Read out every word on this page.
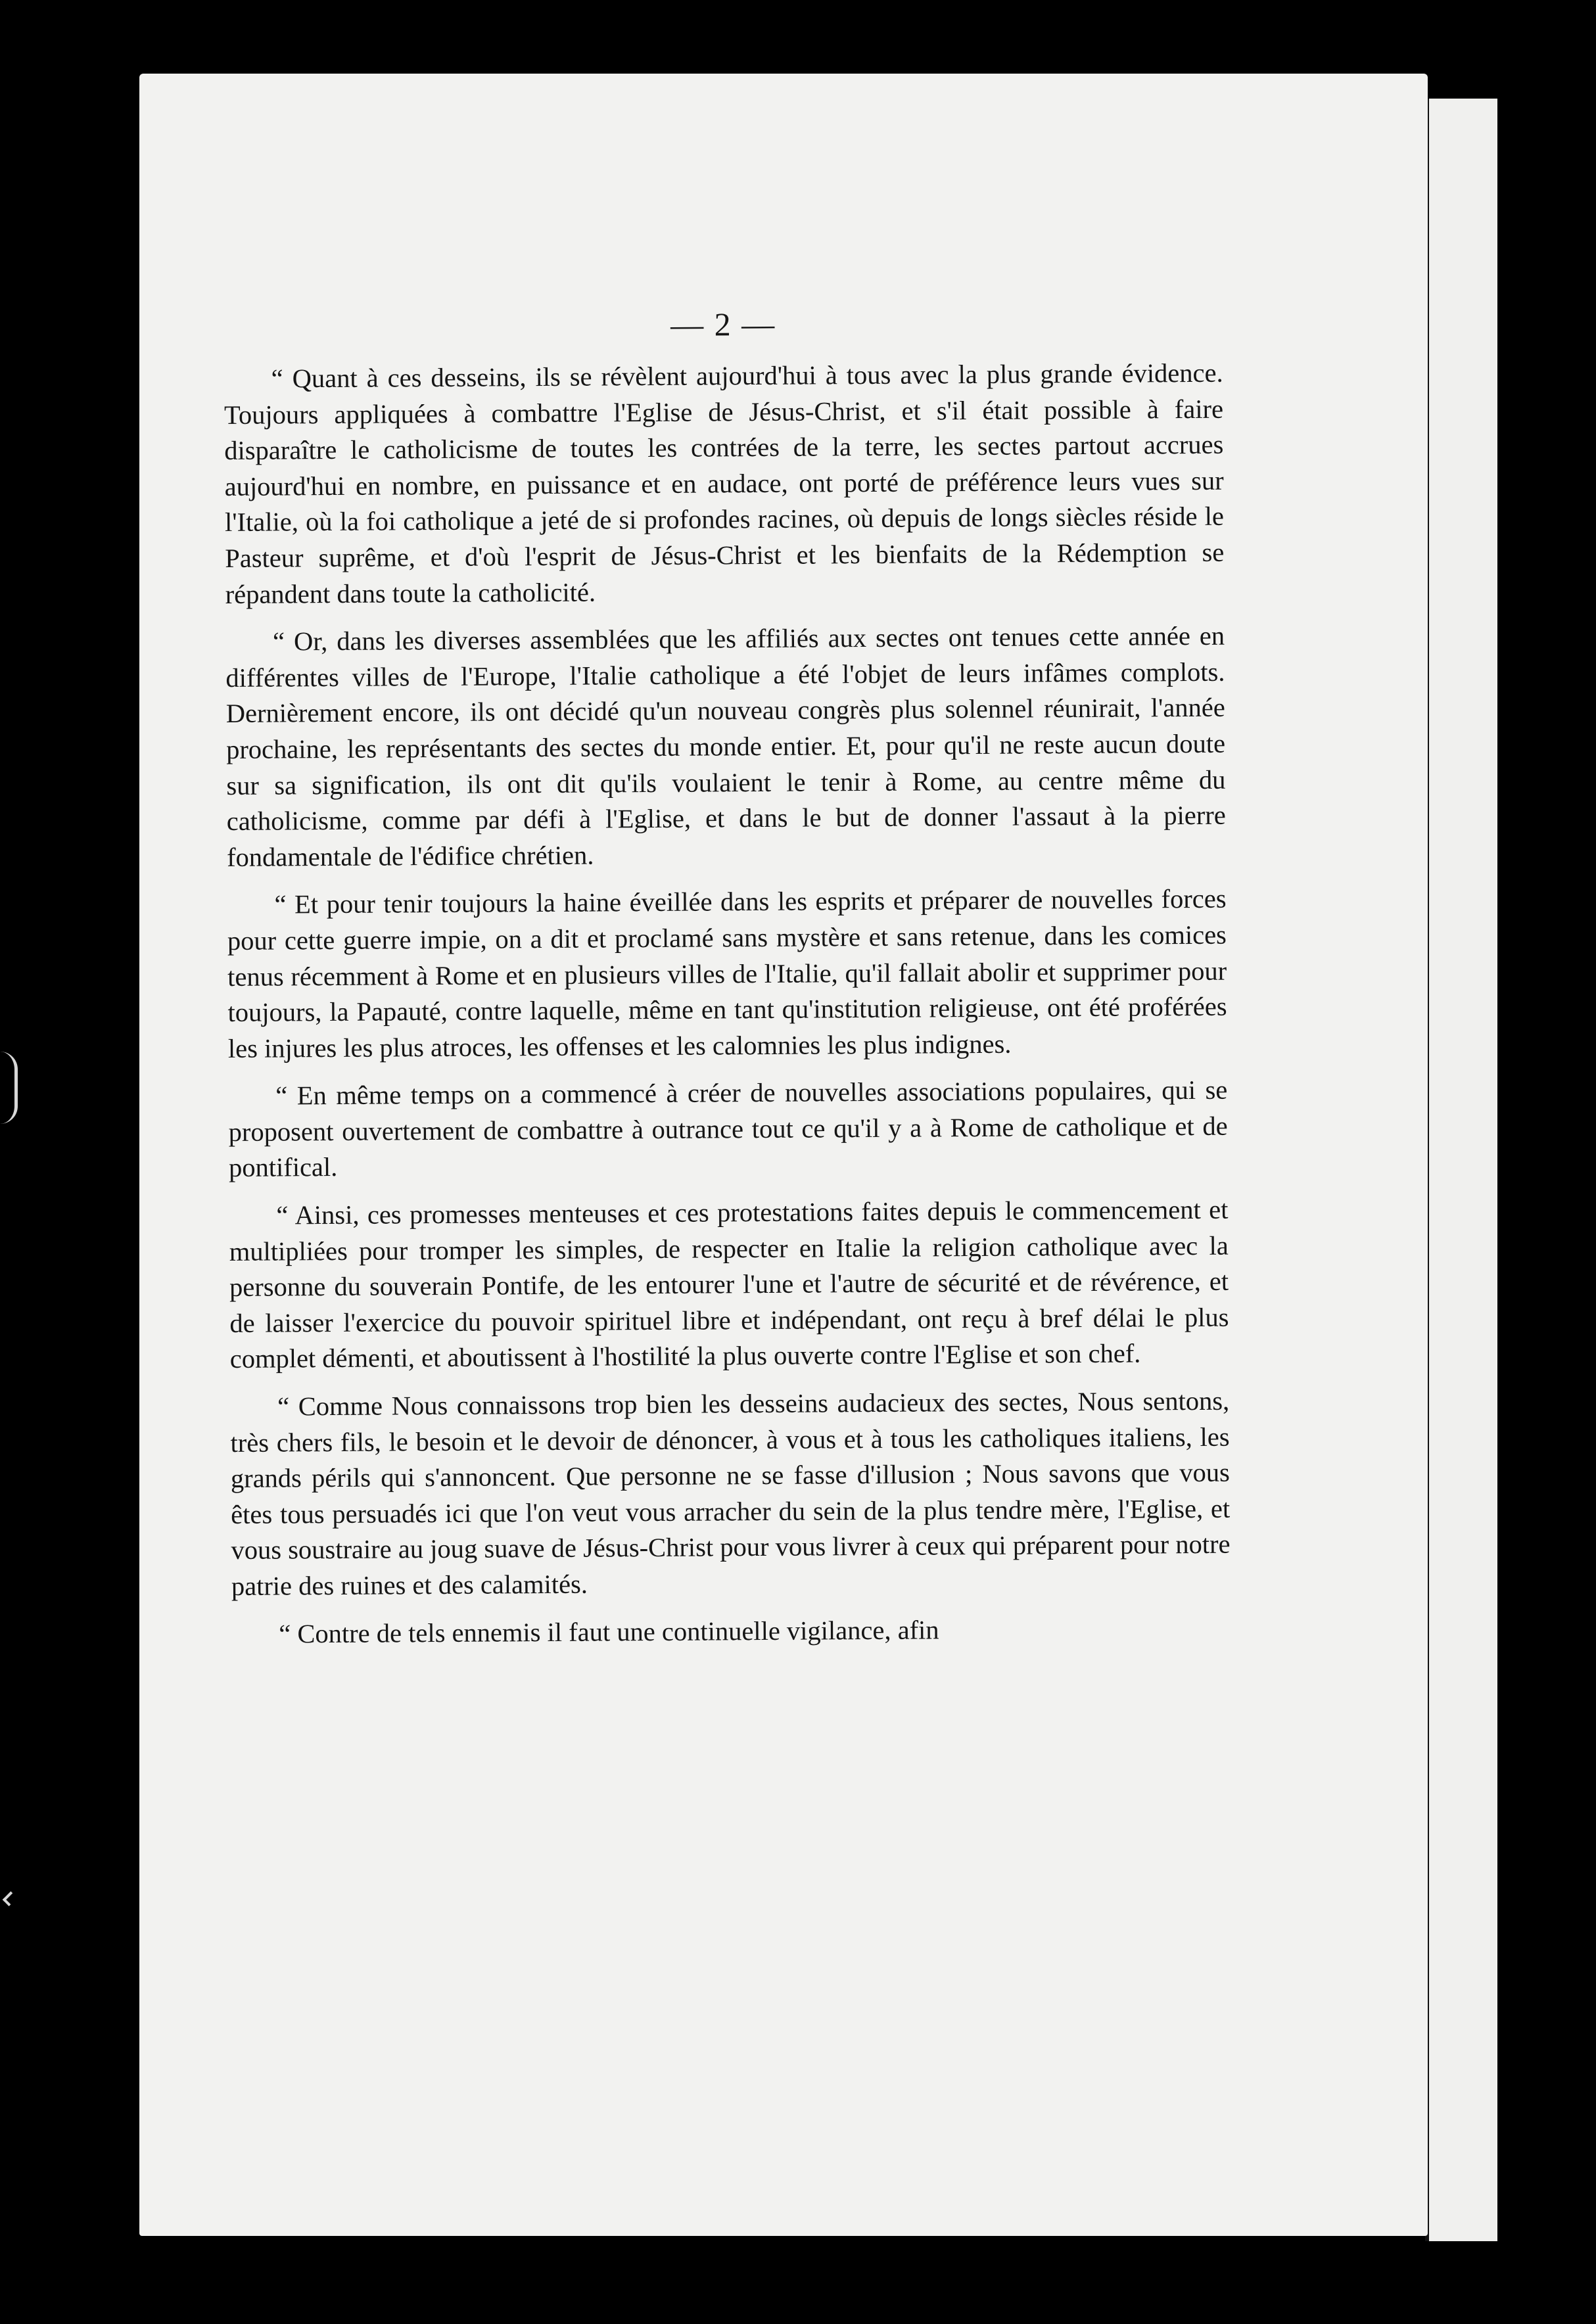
— 2 —

“ Quant à ces desseins, ils se révèlent aujourd'hui à tous avec la plus grande évidence. Toujours appliquées à combattre l'Eglise de Jésus-Christ, et s'il était possible à faire disparaître le catholicisme de toutes les contrées de la terre, les sectes partout accrues aujourd'hui en nombre, en puissance et en audace, ont porté de préférence leurs vues sur l'Italie, où la foi catholique a jeté de si profondes racines, où depuis de longs siècles réside le Pasteur suprême, et d'où l'esprit de Jésus-Christ et les bienfaits de la Rédemption se répandent dans toute la catholicité.

“ Or, dans les diverses assemblées que les affiliés aux sectes ont tenues cette année en différentes villes de l'Europe, l'Italie catholique a été l'objet de leurs infâmes complots. Dernièrement encore, ils ont décidé qu'un nouveau congrès plus solennel réunirait, l'année prochaine, les représentants des sectes du monde entier. Et, pour qu'il ne reste aucun doute sur sa signification, ils ont dit qu'ils voulaient le tenir à Rome, au centre même du catholicisme, comme par défi à l'Eglise, et dans le but de donner l'assaut à la pierre fondamentale de l'édifice chrétien.

“ Et pour tenir toujours la haine éveillée dans les esprits et préparer de nouvelles forces pour cette guerre impie, on a dit et proclamé sans mystère et sans retenue, dans les comices tenus récemment à Rome et en plusieurs villes de l'Italie, qu'il fallait abolir et supprimer pour toujours, la Papauté, contre laquelle, même en tant qu'institution religieuse, ont été proférées les injures les plus atroces, les offenses et les calomnies les plus indignes.

“ En même temps on a commencé à créer de nouvelles associations populaires, qui se proposent ouvertement de combattre à outrance tout ce qu'il y a à Rome de catholique et de pontifical.

“ Ainsi, ces promesses menteuses et ces protestations faites depuis le commencement et multipliées pour tromper les simples, de respecter en Italie la religion catholique avec la personne du souverain Pontife, de les entourer l'une et l'autre de sécurité et de révérence, et de laisser l'exercice du pouvoir spirituel libre et indépendant, ont reçu à bref délai le plus complet démenti, et aboutissent à l'hostilité la plus ouverte contre l'Eglise et son chef.

“ Comme Nous connaissons trop bien les desseins audacieux des sectes, Nous sentons, très chers fils, le besoin et le devoir de dénoncer, à vous et à tous les catholiques italiens, les grands périls qui s'annoncent. Que personne ne se fasse d'illusion ; Nous savons que vous êtes tous persuadés ici que l'on veut vous arracher du sein de la plus tendre mère, l'Eglise, et vous soustraire au joug suave de Jésus-Christ pour vous livrer à ceux qui préparent pour notre patrie des ruines et des calamités.

“ Contre de tels ennemis il faut une continuelle vigilance, afin
